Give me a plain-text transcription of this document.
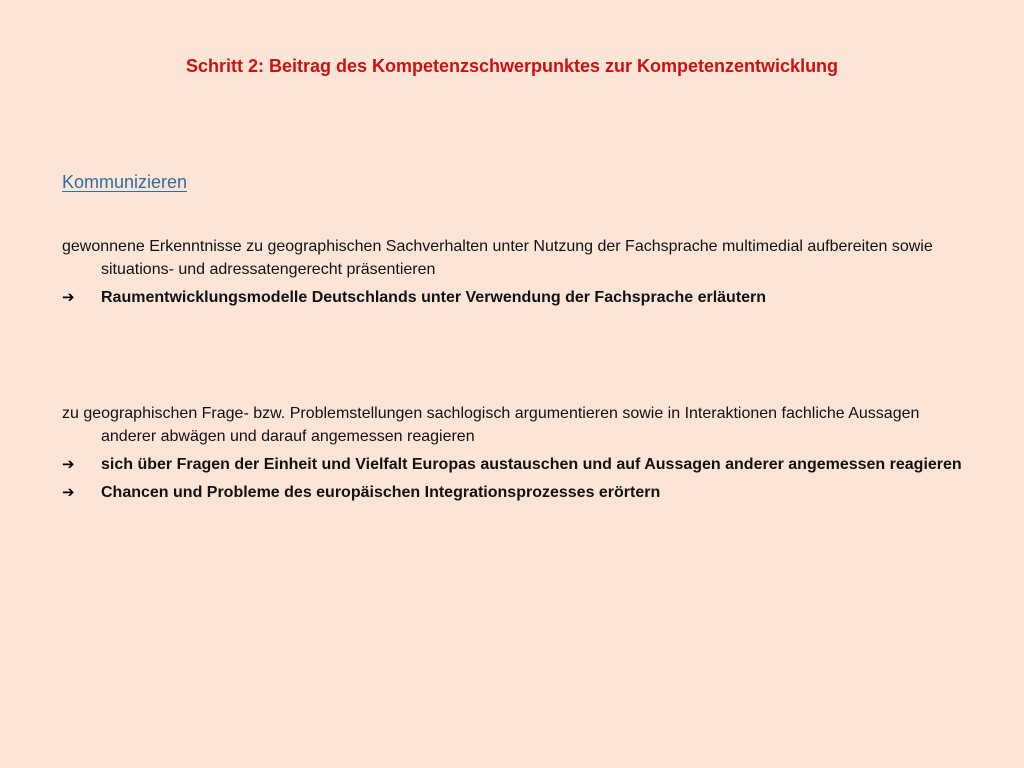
Schritt 2: Beitrag des Kompetenzschwerpunktes zur Kompetenzentwicklung
Kommunizieren

gewonnene Erkenntnisse zu geographischen Sachverhalten unter Nutzung der Fachsprache multimedial aufbereiten sowie situations- und adressatengerecht präsentieren

➔	Raumentwicklungsmodelle Deutschlands unter Verwendung der Fachsprache erläutern

zu geographischen Frage- bzw. Problemstellungen sachlogisch argumentieren sowie in Interaktionen fachliche Aussagen anderer abwägen und darauf angemessen reagieren

➔	sich über Fragen der Einheit und Vielfalt Europas austauschen und auf Aussagen anderer angemessen reagieren
➔	Chancen und Probleme des europäischen Integrationsprozesses erörtern
